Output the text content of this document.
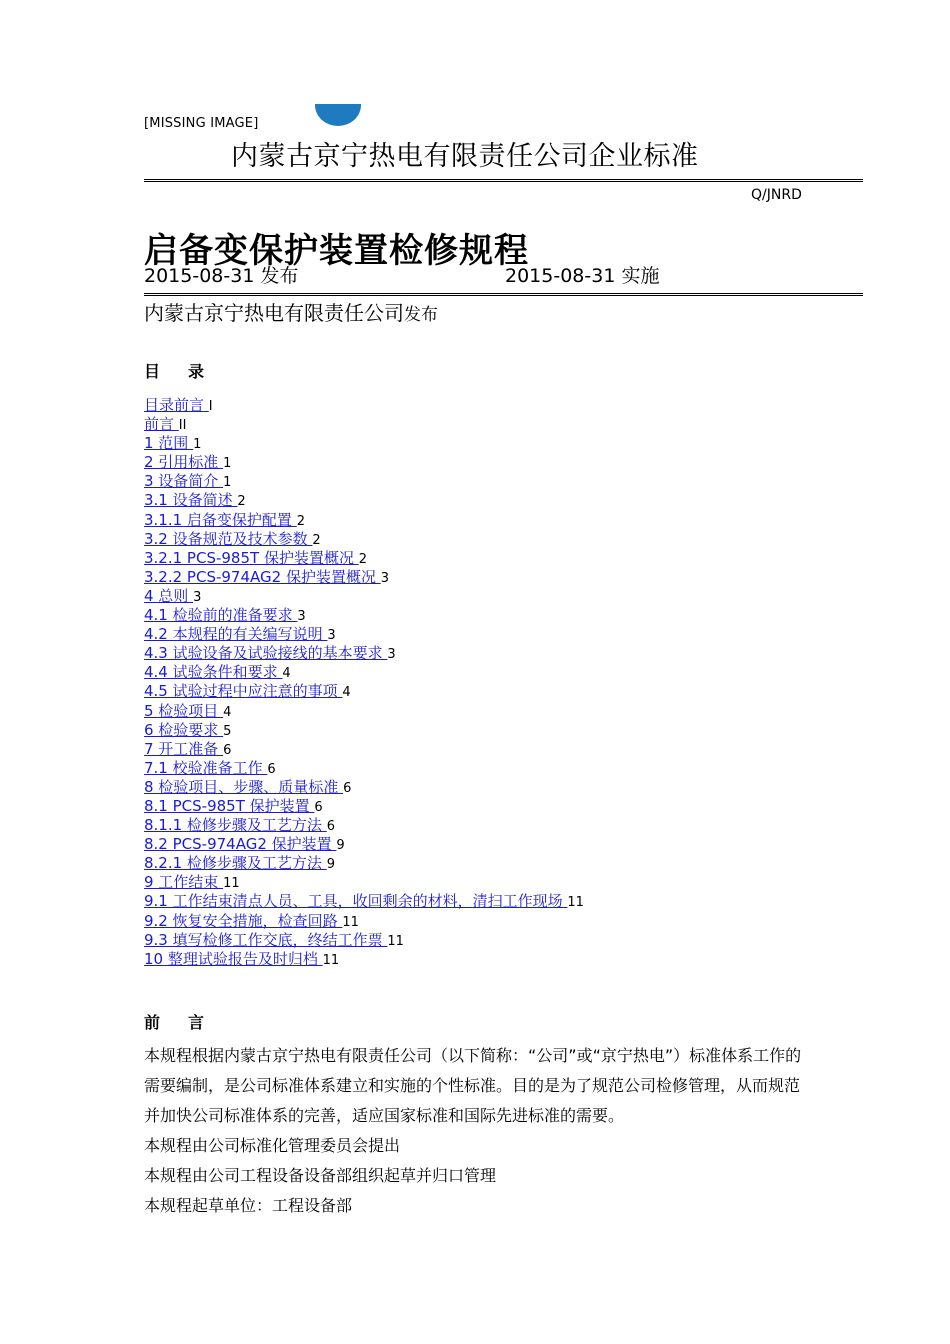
[MISSING IMAGE]
内蒙古京宁热电有限责任公司企业标准
Q/JNRD
启备变保护装置检修规程
2015-08-31 发布	2015-08-31 实施
内蒙古京宁热电有限责任公司发布
目录
目录前言 I
前言 II
1 范围 1
2 引用标准 1
3 设备简介 1
3.1 设备简述 2
3.1.1 启备变保护配置 2
3.2 设备规范及技术参数 2
3.2.1 PCS-985T 保护装置概况 2
3.2.2 PCS-974AG2 保护装置概况 3
4 总则 3
4.1 检验前的准备要求 3
4.2 本规程的有关编写说明 3
4.3 试验设备及试验接线的基本要求 3
4.4 试验条件和要求 4
4.5 试验过程中应注意的事项 4
5 检验项目 4
6 检验要求 5
7 开工准备 6
7.1 校验准备工作 6
8 检验项目、步骤、质量标准 6
8.1 PCS-985T 保护装置 6
8.1.1 检修步骤及工艺方法 6
8.2 PCS-974AG2 保护装置 9
8.2.1 检修步骤及工艺方法 9
9 工作结束 11
9.1 工作结束清点人员、工具，收回剩余的材料，清扫工作现场 11
9.2 恢复安全措施，检查回路 11
9.3 填写检修工作交底，终结工作票 11
10 整理试验报告及时归档 11
前言

本规程根据内蒙古京宁热电有限责任公司（以下简称：“公司”或“京宁热电”）标准体系工作的需要编制，是公司标准体系建立和实施的个性标准。目的是为了规范公司检修管理，从而规范并加快公司标准体系的完善，适应国家标准和国际先进标准的需要。

本规程由公司标准化管理委员会提出

本规程由公司工程设备设备部组织起草并归口管理

本规程起草单位：工程设备部
